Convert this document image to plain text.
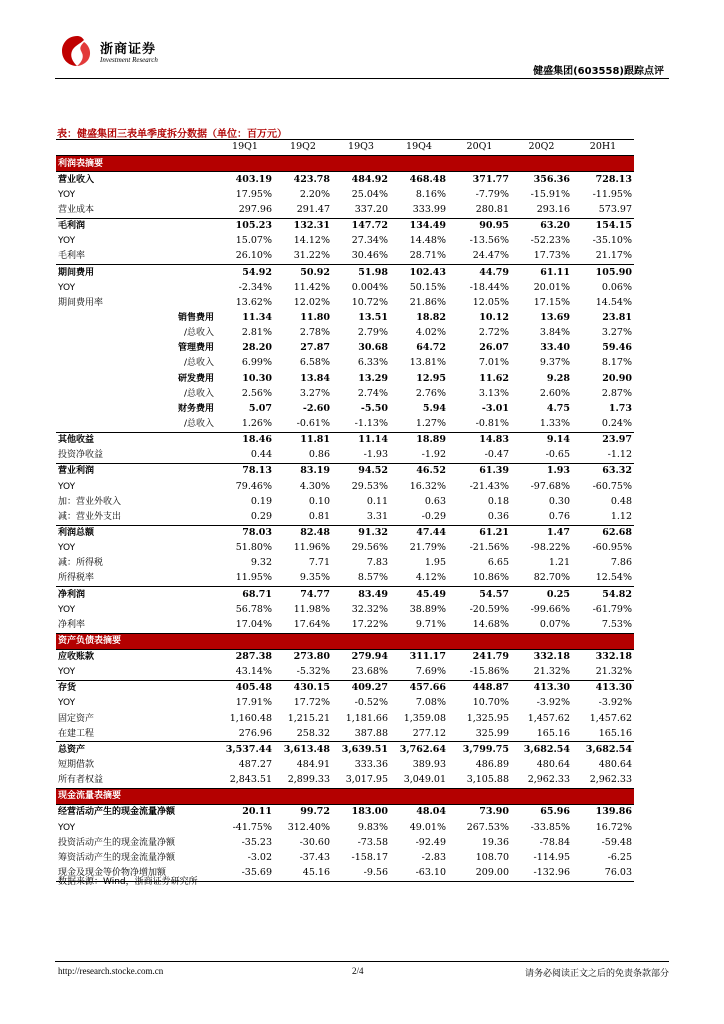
浙商证券
Investment Research
健盛集团(603558)跟踪点评
表：健盛集团三表单季度拆分数据（单位：百万元）
	19Q1	19Q2	19Q3	19Q4	20Q1	20Q2	20H1
利润表摘要							
营业收入	403.19	423.78	484.92	468.48	371.77	356.36	728.13
YOY	17.95%	2.20%	25.04%	8.16%	-7.79%	-15.91%	-11.95%
营业成本	297.96	291.47	337.20	333.99	280.81	293.16	573.97
毛利润	105.23	132.31	147.72	134.49	90.95	63.20	154.15
YOY	15.07%	14.12%	27.34%	14.48%	-13.56%	-52.23%	-35.10%
毛利率	26.10%	31.22%	30.46%	28.71%	24.47%	17.73%	21.17%
期间费用	54.92	50.92	51.98	102.43	44.79	61.11	105.90
YOY	-2.34%	11.42%	0.004%	50.15%	-18.44%	20.01%	0.06%
期间费用率	13.62%	12.02%	10.72%	21.86%	12.05%	17.15%	14.54%
销售费用	11.34	11.80	13.51	18.82	10.12	13.69	23.81
/总收入	2.81%	2.78%	2.79%	4.02%	2.72%	3.84%	3.27%
管理费用	28.20	27.87	30.68	64.72	26.07	33.40	59.46
/总收入	6.99%	6.58%	6.33%	13.81%	7.01%	9.37%	8.17%
研发费用	10.30	13.84	13.29	12.95	11.62	9.28	20.90
/总收入	2.56%	3.27%	2.74%	2.76%	3.13%	2.60%	2.87%
财务费用	5.07	-2.60	-5.50	5.94	-3.01	4.75	1.73
/总收入	1.26%	-0.61%	-1.13%	1.27%	-0.81%	1.33%	0.24%
其他收益	18.46	11.81	11.14	18.89	14.83	9.14	23.97
投资净收益	0.44	0.86	-1.93	-1.92	-0.47	-0.65	-1.12
营业利润	78.13	83.19	94.52	46.52	61.39	1.93	63.32
YOY	79.46%	4.30%	29.53%	16.32%	-21.43%	-97.68%	-60.75%
加：营业外收入	0.19	0.10	0.11	0.63	0.18	0.30	0.48
减：营业外支出	0.29	0.81	3.31	-0.29	0.36	0.76	1.12
利润总额	78.03	82.48	91.32	47.44	61.21	1.47	62.68
YOY	51.80%	11.96%	29.56%	21.79%	-21.56%	-98.22%	-60.95%
减：所得税	9.32	7.71	7.83	1.95	6.65	1.21	7.86
所得税率	11.95%	9.35%	8.57%	4.12%	10.86%	82.70%	12.54%
净利润	68.71	74.77	83.49	45.49	54.57	0.25	54.82
YOY	56.78%	11.98%	32.32%	38.89%	-20.59%	-99.66%	-61.79%
净利率	17.04%	17.64%	17.22%	9.71%	14.68%	0.07%	7.53%
资产负债表摘要							
应收账款	287.38	273.80	279.94	311.17	241.79	332.18	332.18
YOY	43.14%	-5.32%	23.68%	7.69%	-15.86%	21.32%	21.32%
存货	405.48	430.15	409.27	457.66	448.87	413.30	413.30
YOY	17.91%	17.72%	-0.52%	7.08%	10.70%	-3.92%	-3.92%
固定资产	1,160.48	1,215.21	1,181.66	1,359.08	1,325.95	1,457.62	1,457.62
在建工程	276.96	258.32	387.88	277.12	325.99	165.16	165.16
总资产	3,537.44	3,613.48	3,639.51	3,762.64	3,799.75	3,682.54	3,682.54
短期借款	487.27	484.91	333.36	389.93	486.89	480.64	480.64
所有者权益	2,843.51	2,899.33	3,017.95	3,049.01	3,105.88	2,962.33	2,962.33
现金流量表摘要							
经营活动产生的现金流量净额	20.11	99.72	183.00	48.04	73.90	65.96	139.86
YOY	-41.75%	312.40%	9.83%	49.01%	267.53%	-33.85%	16.72%
投资活动产生的现金流量净额	-35.23	-30.60	-73.58	-92.49	19.36	-78.84	-59.48
筹资活动产生的现金流量净额	-3.02	-37.43	-158.17	-2.83	108.70	-114.95	-6.25
现金及现金等价物净增加额	-35.69	45.16	-9.56	-63.10	209.00	-132.96	76.03
数据来源：Wind，浙商证券研究所
http://research.stocke.com.cn	2/4	请务必阅读正文之后的免责条款部分
